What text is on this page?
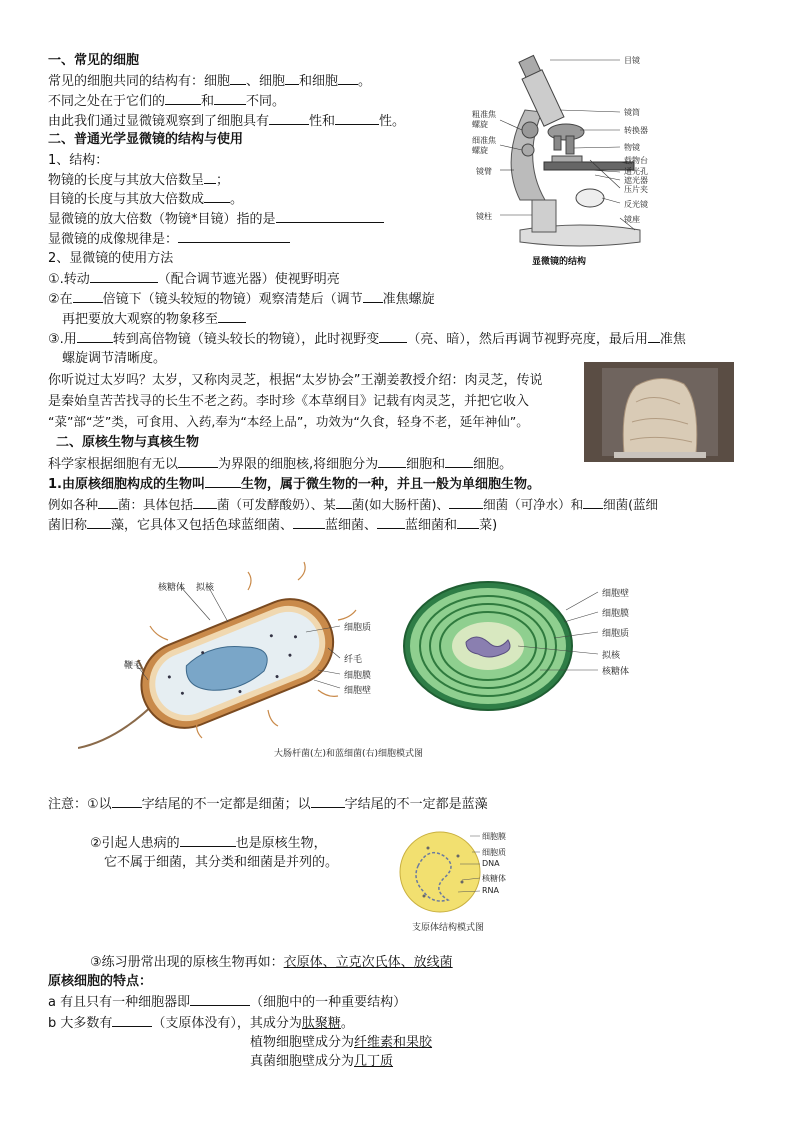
一、常见的细胞
常见的细胞共同的结构有：细胞 、细胞 和细胞 。
不同之处在于它们的	和 不同。
由此我们通过显微镜观察到了细胞具有	性和	性。
二、普通光学显微镜的结构与使用
1、结构：
物镜的长度与其放大倍数呈 ；
目镜的长度与其放大倍数成 。
显微镜的放大倍数（物镜*目镜）指的是
显微镜的成像规律是：
2、显微镜的使用方法
①.转动	（配合调节遮光器）使视野明亮
②在 倍镜下（镜头较短的物镜）观察清楚后（调节 准焦螺旋
再把要放大观察的物象移至
③.用	转到高倍物镜（镜头较长的物镜），此时视野变 （亮、暗），然后再调节视野亮度，最后用 准焦
螺旋调节清晰度。
目镜
镜筒
转换器
物镜
载物台
通光孔
遮光器
压片夹
反光镜
镜座
粗准焦
螺旋
细准焦
螺旋
镜臂
镜柱
显微镜的结构
你听说过太岁吗？太岁，又称肉灵芝，根据“太岁协会”王潮姜教授介绍：肉灵芝，传说
是秦始皇苦苦找寻的长生不老之药。李时珍《本草纲目》记载有肉灵芝，并把它收入
“菜”部“芝”类，可食用、入药,奉为“本经上品”，功效为“久食，轻身不老，延年神仙”。
二、原核生物与真核生物
科学家根据细胞有无以	为界限的细胞核,将细胞分为 细胞和 细胞。
1.由原核细胞构成的生物叫	生物，属于微生物的一种，并且一般为单细胞生物。
例如各种 菌：具体包括 菌（可发酵酸奶）、某 菌(如大肠杆菌)、	细菌（可净水）和 细菌(蓝细
菌旧称 藻，它具体又包括色球蓝细菌、 蓝细菌、 蓝细菌和 菜)
核糖体 拟核
鞭毛
细胞质
纤毛
细胞膜
细胞壁
细胞壁
细胞膜
细胞质
拟核
核糖体
大肠杆菌(左)和蓝细菌(右)细胞模式图
注意：①以 字结尾的不一定都是细菌；以	字结尾的不一定都是蓝藻
②引起人患病的	也是原核生物，
它不属于细菌，其分类和细菌是并列的。
细胞膜
细胞质
DNA
核糖体
RNA
支原体结构模式图
③练习册常出现的原核生物再如：衣原体、立克次氏体、放线菌
原核细胞的特点：
a 有且只有一种细胞器即	（细胞中的一种重要结构）
b 大多数有	（支原体没有），其成分为肽聚糖。
植物细胞壁成分为纤维素和果胶
真菌细胞壁成分为几丁质
